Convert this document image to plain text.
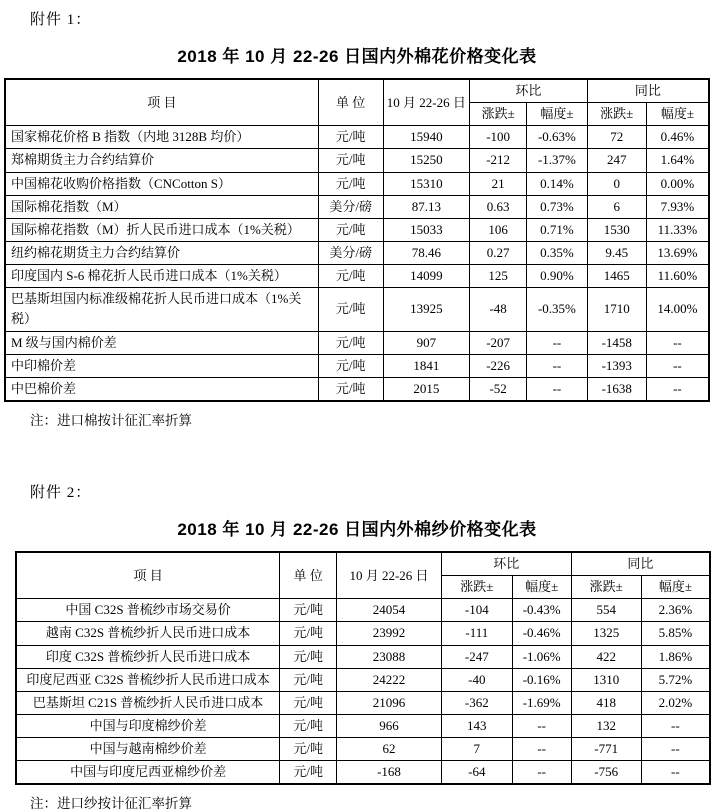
附件 1：
2018 年 10 月 22-26 日国内外棉花价格变化表
项 目	单 位	10 月 22-26 日	环比		同比	
			涨跌±	幅度±	涨跌±	幅度±
国家棉花价格 B 指数（内地 3128B 均价）	元/吨	15940	-100	-0.63%	72	0.46%
郑棉期货主力合约结算价	元/吨	15250	-212	-1.37%	247	1.64%
中国棉花收购价格指数（CNCotton S）	元/吨	15310	21	0.14%	0	0.00%
国际棉花指数（M）	美分/磅	87.13	0.63	0.73%	6	7.93%
国际棉花指数（M）折人民币进口成本（1%关税）	元/吨	15033	106	0.71%	1530	11.33%
纽约棉花期货主力合约结算价	美分/磅	78.46	0.27	0.35%	9.45	13.69%
印度国内 S-6 棉花折人民币进口成本（1%关税）	元/吨	14099	125	0.90%	1465	11.60%
巴基斯坦国内标准级棉花折人民币进口成本（1%关税）	元/吨	13925	-48	-0.35%	1710	14.00%
M 级与国内棉价差	元/吨	907	-207	--	-1458	--
中印棉价差	元/吨	1841	-226	--	-1393	--
中巴棉价差	元/吨	2015	-52	--	-1638	--
注：进口棉按计征汇率折算
附件 2：
2018 年 10 月 22-26 日国内外棉纱价格变化表
项 目	单 位	10 月 22-26 日	环比		同比	
			涨跌±	幅度±	涨跌±	幅度±
中国 C32S 普梳纱市场交易价	元/吨	24054	-104	-0.43%	554	2.36%
越南 C32S 普梳纱折人民币进口成本	元/吨	23992	-111	-0.46%	1325	5.85%
印度 C32S 普梳纱折人民币进口成本	元/吨	23088	-247	-1.06%	422	1.86%
印度尼西亚 C32S 普梳纱折人民币进口成本	元/吨	24222	-40	-0.16%	1310	5.72%
巴基斯坦 C21S 普梳纱折人民币进口成本	元/吨	21096	-362	-1.69%	418	2.02%
中国与印度棉纱价差	元/吨	966	143	--	132	--
中国与越南棉纱价差	元/吨	62	7	--	-771	--
中国与印度尼西亚棉纱价差	元/吨	-168	-64	--	-756	--
注：进口纱按计征汇率折算
